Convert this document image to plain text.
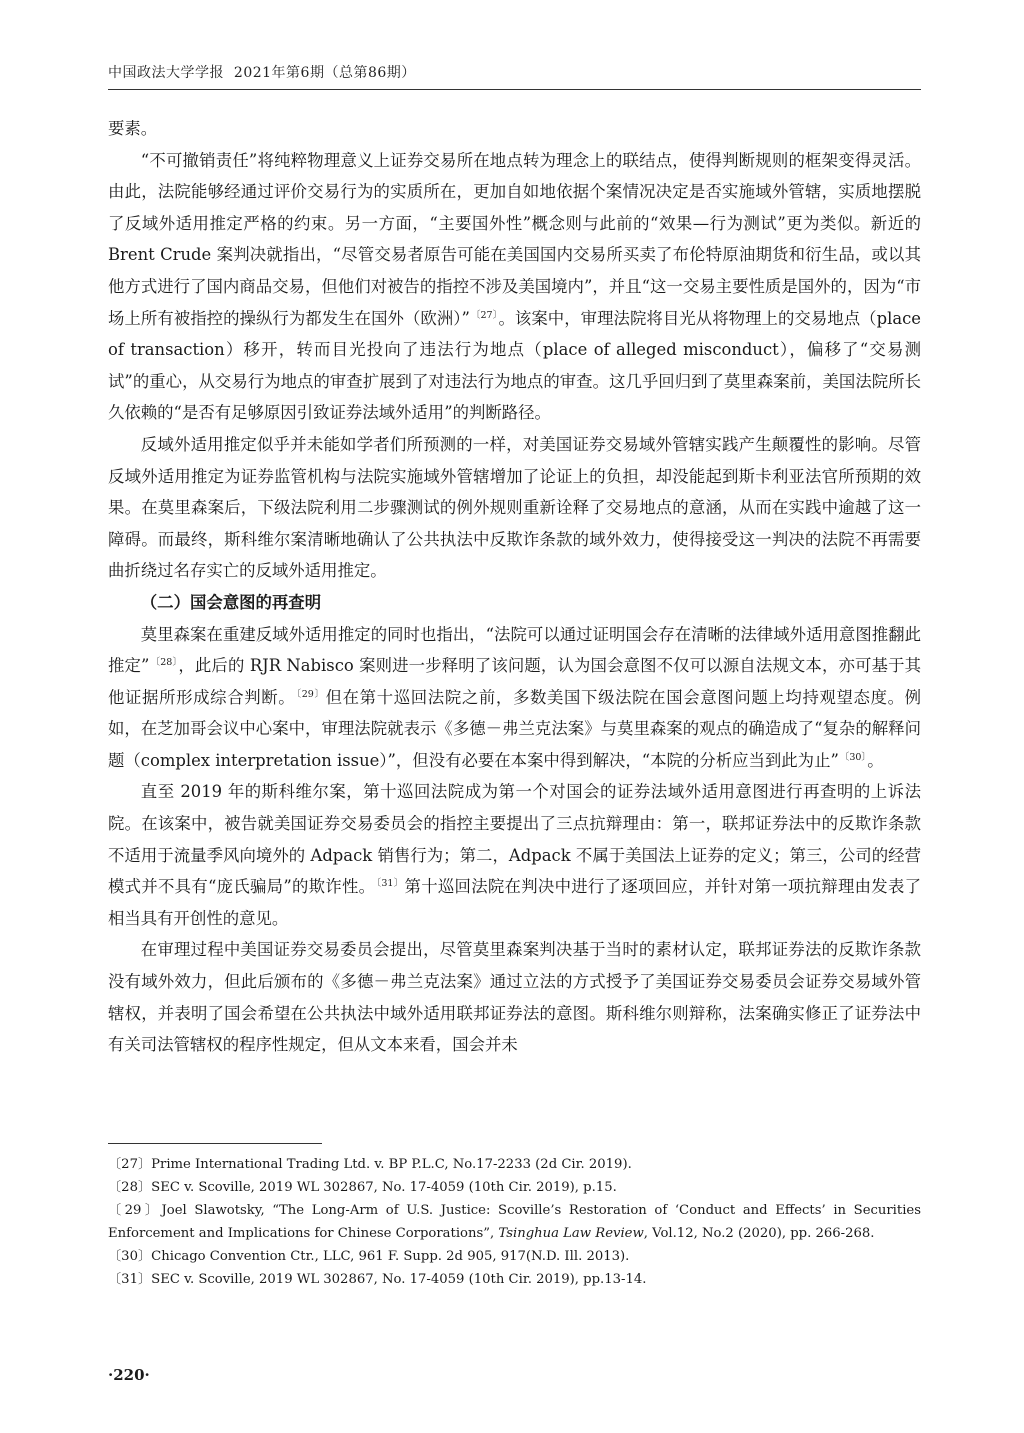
中国政法大学学报 2021年第6期（总第86期）

要素。

“不可撤销责任”将纯粹物理意义上证券交易所在地点转为理念上的联结点，使得判断规则的框架变得灵活。由此，法院能够经通过评价交易行为的实质所在，更加自如地依据个案情况决定是否实施域外管辖，实质地摆脱了反域外适用推定严格的约束。另一方面，“主要国外性”概念则与此前的“效果—行为测试”更为类似。新近的 Brent Crude 案判决就指出，“尽管交易者原告可能在美国国内交易所买卖了布伦特原油期货和衍生品，或以其他方式进行了国内商品交易，但他们对被告的指控不涉及美国境内”，并且“这一交易主要性质是国外的，因为“市场上所有被指控的操纵行为都发生在国外（欧洲）”$^{〔27〕}$。该案中，审理法院将目光从将物理上的交易地点（place of transaction）移开，转而目光投向了违法行为地点（place of alleged misconduct），偏移了“交易测试”的重心，从交易行为地点的审查扩展到了对违法行为地点的审查。这几乎回归到了莫里森案前，美国法院所长久依赖的“是否有足够原因引致证券法域外适用”的判断路径。

反域外适用推定似乎并未能如学者们所预测的一样，对美国证券交易域外管辖实践产生颠覆性的影响。尽管反域外适用推定为证券监管机构与法院实施域外管辖增加了论证上的负担，却没能起到斯卡利亚法官所预期的效果。在莫里森案后，下级法院利用二步骤测试的例外规则重新诠释了交易地点的意涵，从而在实践中逾越了这一障碍。而最终，斯科维尔案清晰地确认了公共执法中反欺诈条款的域外效力，使得接受这一判决的法院不再需要曲折绕过名存实亡的反域外适用推定。

（二）国会意图的再查明

莫里森案在重建反域外适用推定的同时也指出，“法院可以通过证明国会存在清晰的法律域外适用意图推翻此推定”$^{〔28〕}$，此后的 RJR Nabisco 案则进一步释明了该问题，认为国会意图不仅可以源自法规文本，亦可基于其他证据所形成综合判断。$^{〔29〕}$但在第十巡回法院之前，多数美国下级法院在国会意图问题上均持观望态度。例如，在芝加哥会议中心案中，审理法院就表示《多德－弗兰克法案》与莫里森案的观点的确造成了“复杂的解释问题（complex interpretation issue）”，但没有必要在本案中得到解决，“本院的分析应当到此为止”$^{〔30〕}$。

直至 2019 年的斯科维尔案，第十巡回法院成为第一个对国会的证券法域外适用意图进行再查明的上诉法院。在该案中，被告就美国证券交易委员会的指控主要提出了三点抗辩理由：第一，联邦证券法中的反欺诈条款不适用于流量季风向境外的 Adpack 销售行为；第二，Adpack 不属于美国法上证券的定义；第三，公司的经营模式并不具有“庞氏骗局”的欺诈性。$^{〔31〕}$第十巡回法院在判决中进行了逐项回应，并针对第一项抗辩理由发表了相当具有开创性的意见。

在审理过程中美国证券交易委员会提出，尽管莫里森案判决基于当时的素材认定，联邦证券法的反欺诈条款没有域外效力，但此后颁布的《多德－弗兰克法案》通过立法的方式授予了美国证券交易委员会证券交易域外管辖权，并表明了国会希望在公共执法中域外适用联邦证券法的意图。斯科维尔则辩称，法案确实修正了证券法中有关司法管辖权的程序性规定，但从文本来看，国会并未

〔27〕Prime International Trading Ltd. v. BP P.L.C, No.17-2233 (2d Cir. 2019).

〔28〕SEC v. Scoville, 2019 WL 302867, No. 17-4059 (10th Cir. 2019), p.15.

〔29〕Joel Slawotsky, “The Long-Arm of U.S. Justice: Scoville’s Restoration of ‘Conduct and Effects’ in Securities Enforcement and Implications for Chinese Corporations”, Tsinghua Law Review, Vol.12, No.2 (2020), pp. 266-268.

〔30〕Chicago Convention Ctr., LLC, 961 F. Supp. 2d 905, 917(N.D. Ill. 2013).

〔31〕SEC v. Scoville, 2019 WL 302867, No. 17-4059 (10th Cir. 2019), pp.13-14.

·220·
